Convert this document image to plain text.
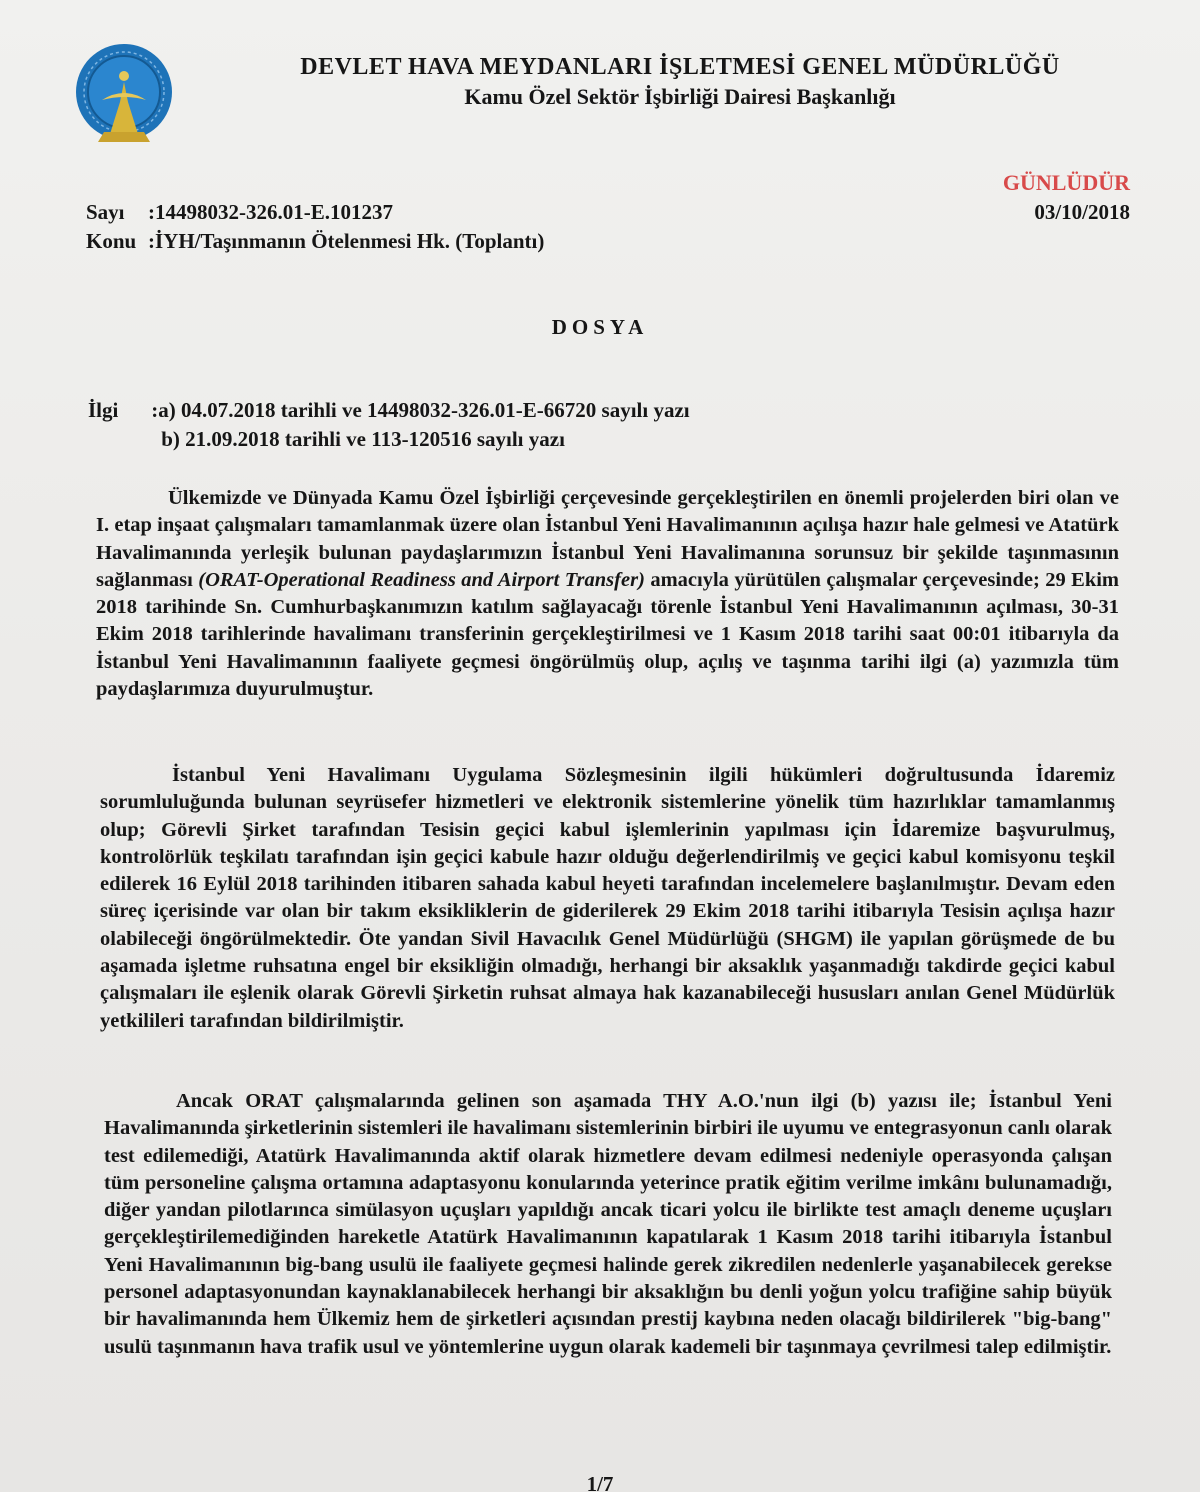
DEVLET HAVA MEYDANLARI İŞLETMESİ GENEL MÜDÜRLÜĞÜ
Kamu Özel Sektör İşbirliği Dairesi Başkanlığı
GÜNLÜDÜR
03/10/2018
Sayı :14498032-326.01-E.101237
Konu :İYH/Taşınmanın Ötelenmesi Hk. (Toplantı)
DOSYA
İlgi :a) 04.07.2018 tarihli ve 14498032-326.01-E-66720 sayılı yazı
b) 21.09.2018 tarihli ve 113-120516 sayılı yazı

Ülkemizde ve Dünyada Kamu Özel İşbirliği çerçevesinde gerçekleştirilen en önemli projelerden biri olan ve I. etap inşaat çalışmaları tamamlanmak üzere olan İstanbul Yeni Havalimanının açılışa hazır hale gelmesi ve Atatürk Havalimanında yerleşik bulunan paydaşlarımızın İstanbul Yeni Havalimanına sorunsuz bir şekilde taşınmasının sağlanması (ORAT-Operational Readiness and Airport Transfer) amacıyla yürütülen çalışmalar çerçevesinde; 29 Ekim 2018 tarihinde Sn. Cumhurbaşkanımızın katılım sağlayacağı törenle İstanbul Yeni Havalimanının açılması, 30-31 Ekim 2018 tarihlerinde havalimanı transferinin gerçekleştirilmesi ve 1 Kasım 2018 tarihi saat 00:01 itibarıyla da İstanbul Yeni Havalimanının faaliyete geçmesi öngörülmüş olup, açılış ve taşınma tarihi ilgi (a) yazımızla tüm paydaşlarımıza duyurulmuştur.

İstanbul Yeni Havalimanı Uygulama Sözleşmesinin ilgili hükümleri doğrultusunda İdaremiz sorumluluğunda bulunan seyrüsefer hizmetleri ve elektronik sistemlerine yönelik tüm hazırlıklar tamamlanmış olup; Görevli Şirket tarafından Tesisin geçici kabul işlemlerinin yapılması için İdaremize başvurulmuş, kontrolörlük teşkilatı tarafından işin geçici kabule hazır olduğu değerlendirilmiş ve geçici kabul komisyonu teşkil edilerek 16 Eylül 2018 tarihinden itibaren sahada kabul heyeti tarafından incelemelere başlanılmıştır. Devam eden süreç içerisinde var olan bir takım eksikliklerin de giderilerek 29 Ekim 2018 tarihi itibarıyla Tesisin açılışa hazır olabileceği öngörülmektedir. Öte yandan Sivil Havacılık Genel Müdürlüğü (SHGM) ile yapılan görüşmede de bu aşamada işletme ruhsatına engel bir eksikliğin olmadığı, herhangi bir aksaklık yaşanmadığı takdirde geçici kabul çalışmaları ile eşlenik olarak Görevli Şirketin ruhsat almaya hak kazanabileceği hususları anılan Genel Müdürlük yetkilileri tarafından bildirilmiştir.

Ancak ORAT çalışmalarında gelinen son aşamada THY A.O.'nun ilgi (b) yazısı ile; İstanbul Yeni Havalimanında şirketlerinin sistemleri ile havalimanı sistemlerinin birbiri ile uyumu ve entegrasyonun canlı olarak test edilemediği, Atatürk Havalimanında aktif olarak hizmetlere devam edilmesi nedeniyle operasyonda çalışan tüm personeline çalışma ortamına adaptasyonu konularında yeterince pratik eğitim verilme imkânı bulunamadığı, diğer yandan pilotlarınca simülasyon uçuşları yapıldığı ancak ticari yolcu ile birlikte test amaçlı deneme uçuşları gerçekleştirilemediğinden hareketle Atatürk Havalimanının kapatılarak 1 Kasım 2018 tarihi itibarıyla İstanbul Yeni Havalimanının big-bang usulü ile faaliyete geçmesi halinde gerek zikredilen nedenlerle yaşanabilecek gerekse personel adaptasyonundan kaynaklanabilecek herhangi bir aksaklığın bu denli yoğun yolcu trafiğine sahip büyük bir havalimanında hem Ülkemiz hem de şirketleri açısından prestij kaybına neden olacağı bildirilerek "big-bang" usulü taşınmanın hava trafik usul ve yöntemlerine uygun olarak kademeli bir taşınmaya çevrilmesi talep edilmiştir.

1/7
